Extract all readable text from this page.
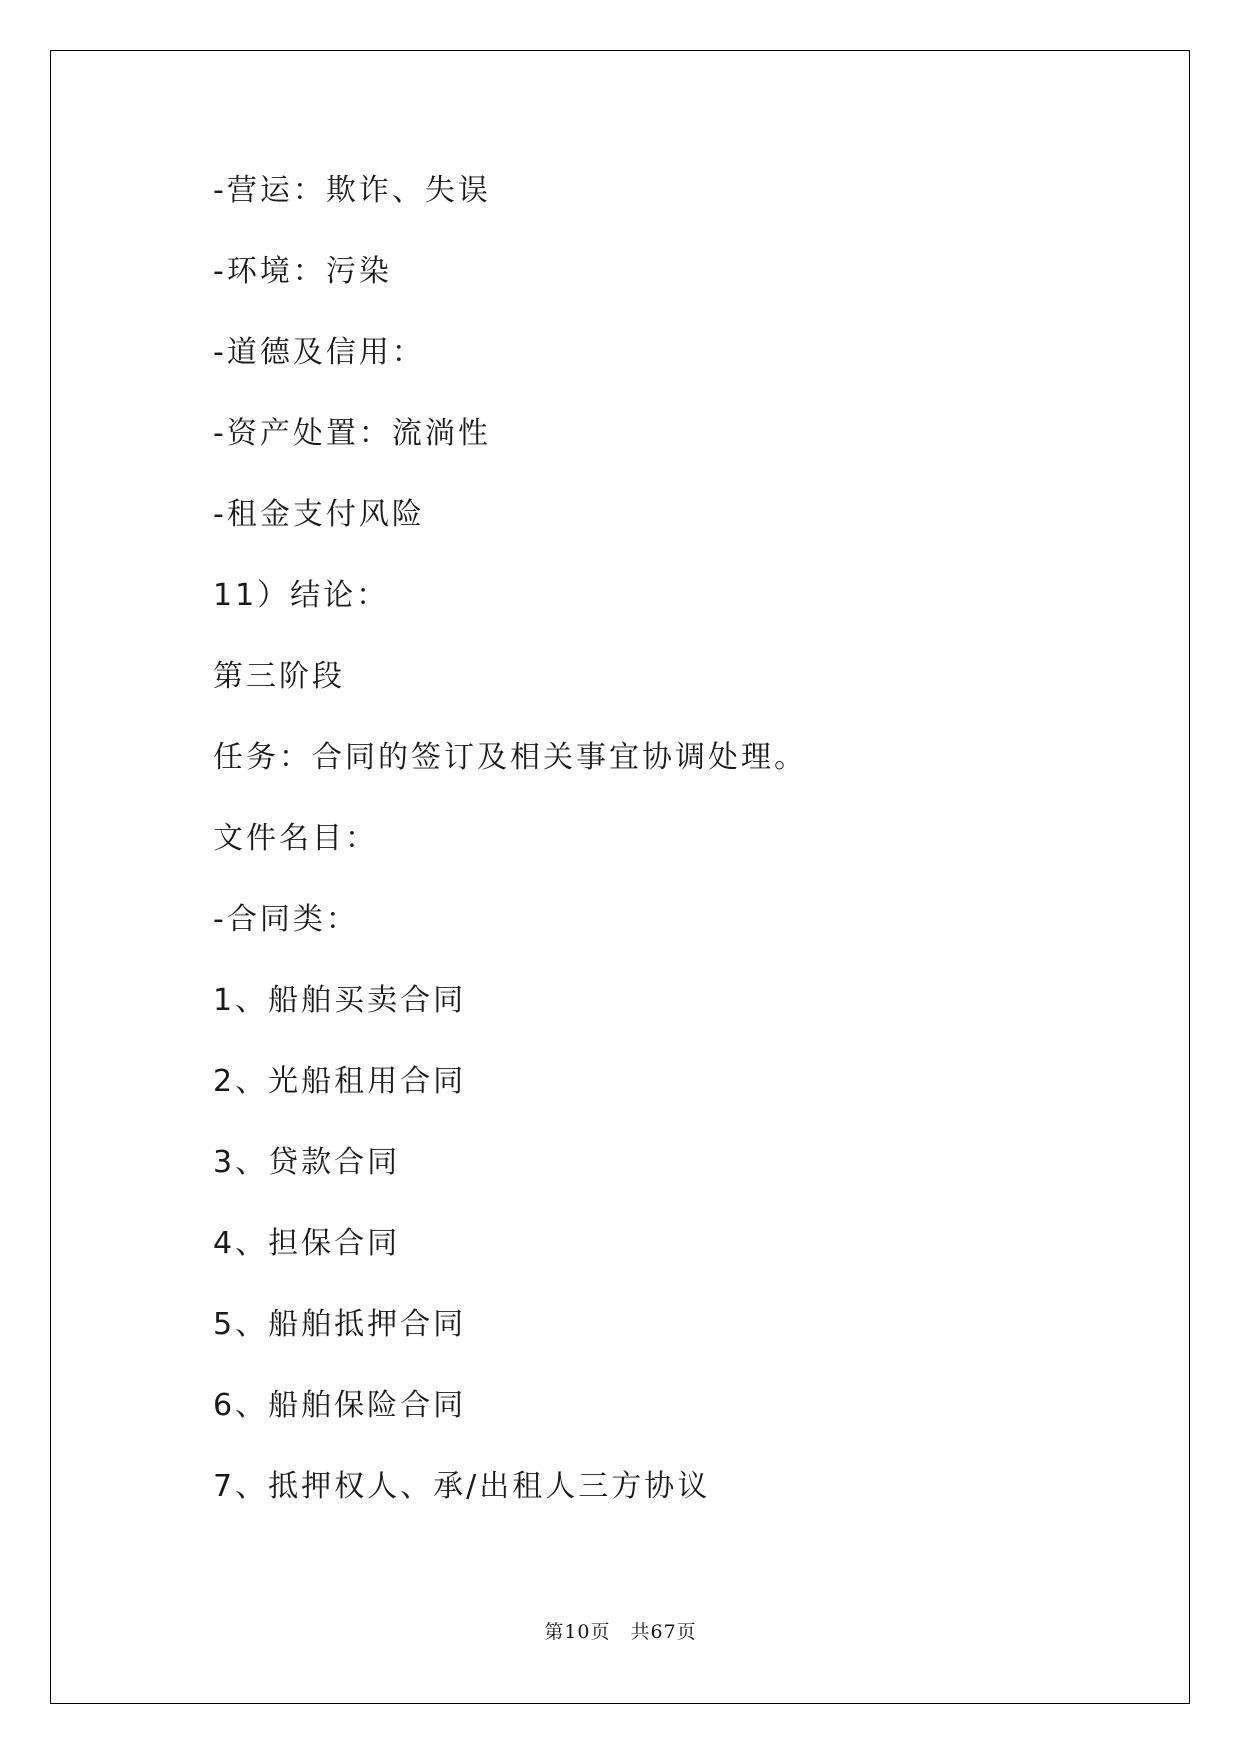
-营运：欺诈、失误
-环境：污染
-道德及信用：
-资产处置：流淌性
-租金支付风险
11）结论：
第三阶段
任务：合同的签订及相关事宜协调处理。
文件名目：
-合同类：
1、船舶买卖合同
2、光船租用合同
3、贷款合同
4、担保合同
5、船舶抵押合同
6、船舶保险合同
7、抵押权人、承/出租人三方协议
第10页　共67页
